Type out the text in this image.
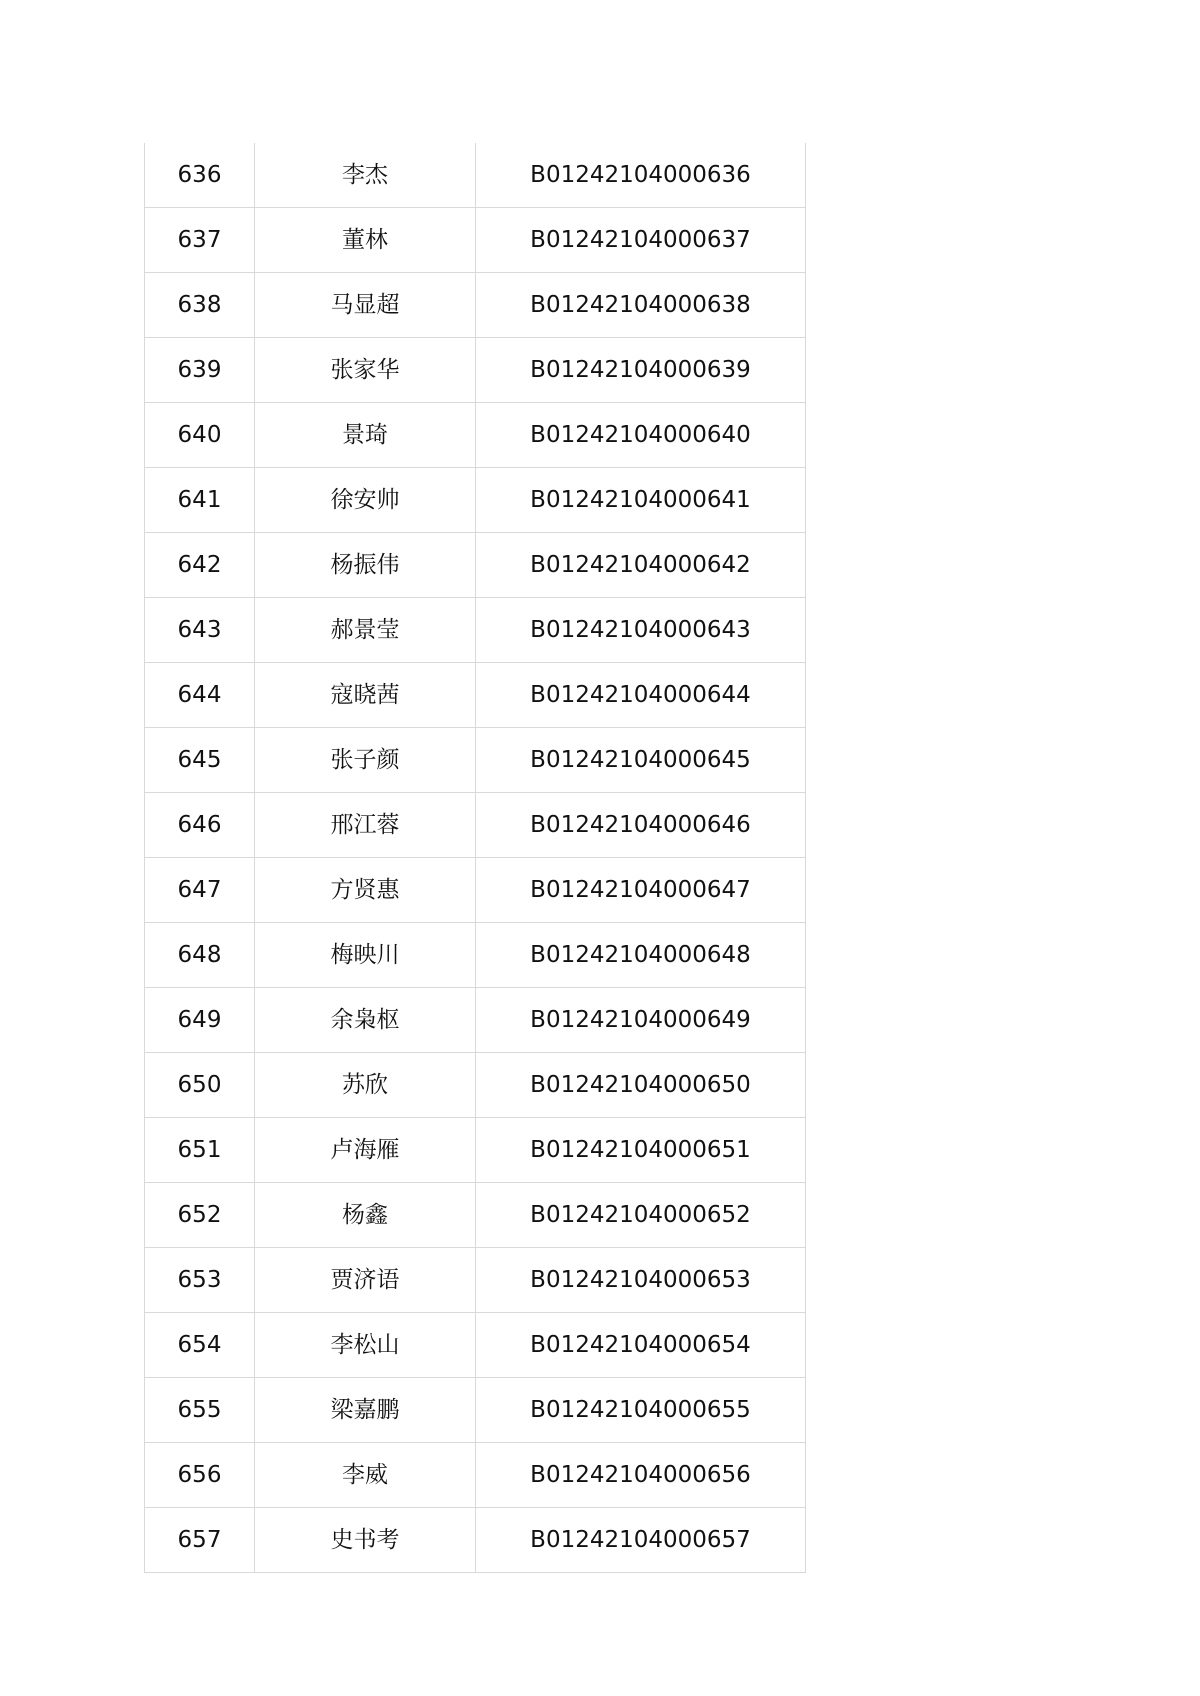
636	李杰	B01242104000636
637	董林	B01242104000637
638	马显超	B01242104000638
639	张家华	B01242104000639
640	景琦	B01242104000640
641	徐安帅	B01242104000641
642	杨振伟	B01242104000642
643	郝景莹	B01242104000643
644	寇晓茜	B01242104000644
645	张子颜	B01242104000645
646	邢江蓉	B01242104000646
647	方贤惠	B01242104000647
648	梅映川	B01242104000648
649	余枭枢	B01242104000649
650	苏欣	B01242104000650
651	卢海雁	B01242104000651
652	杨鑫	B01242104000652
653	贾济语	B01242104000653
654	李松山	B01242104000654
655	梁嘉鹏	B01242104000655
656	李威	B01242104000656
657	史书考	B01242104000657
